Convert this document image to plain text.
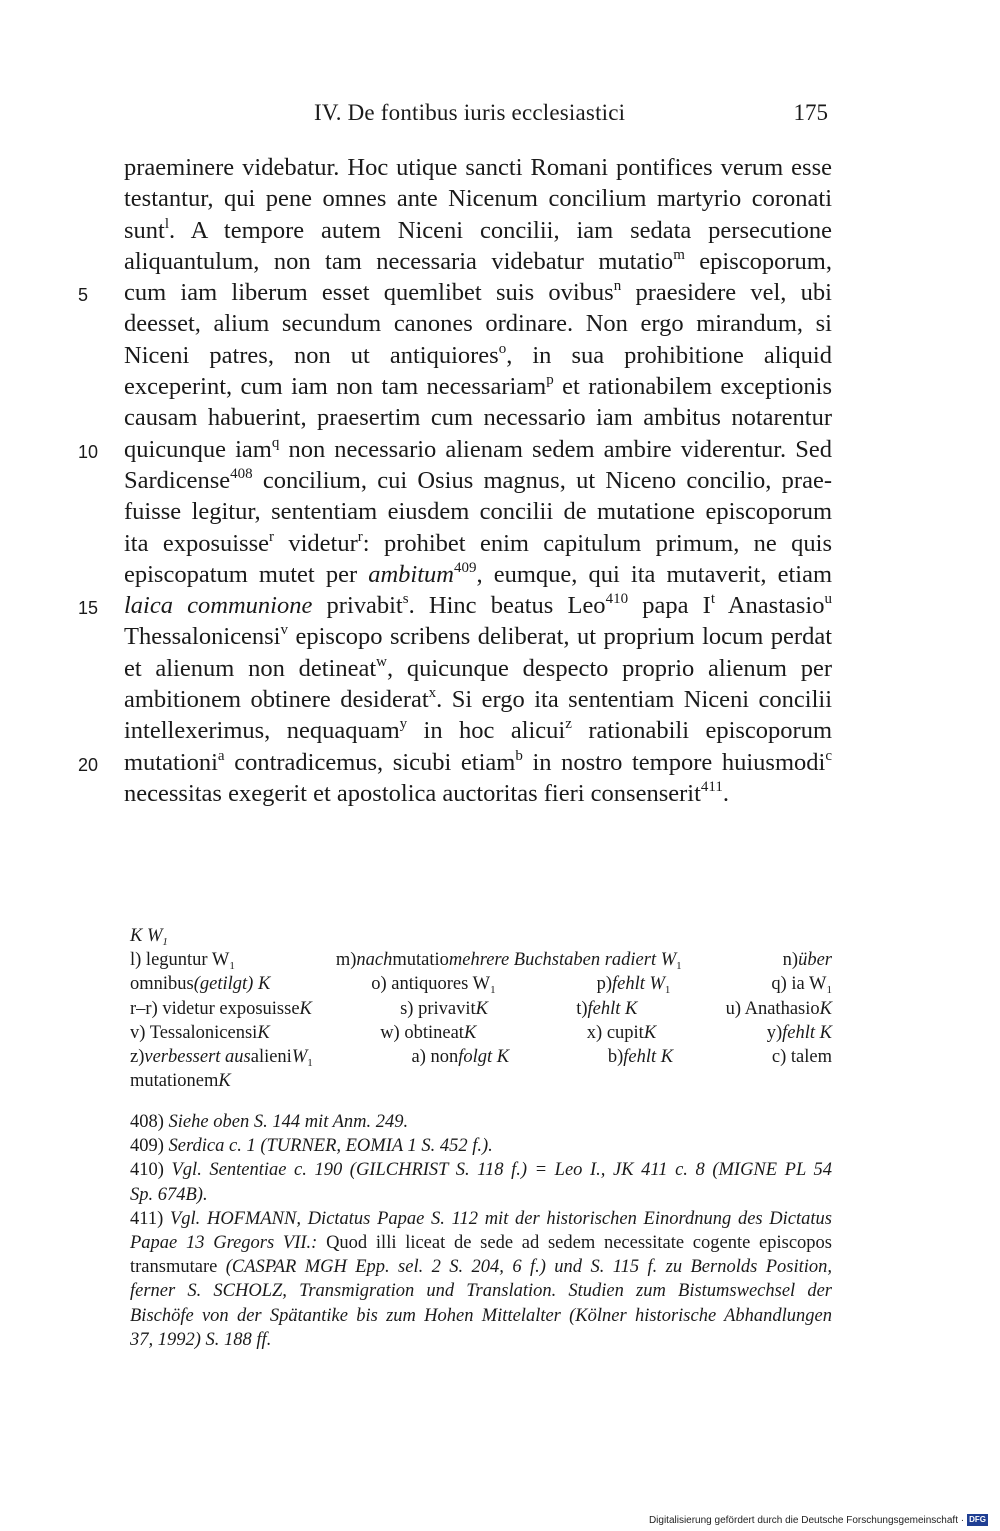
IV. De fontibus iuris ecclesiastici	175
praeminere videbatur. Hoc utique sancti Romani pontifices verum esse
testantur, qui pene omnes ante Nicenum concilium martyrio coronati
sunt$^l$. A tempore autem Niceni concilii, iam sedata persecutione
aliquantulum, non tam necessaria videbatur mutatio$^m$ episcoporum,
5 cum iam liberum esset quemlibet suis ovibus$^n$ praesidere vel, ubi
deesset, alium secundum canones ordinare. Non ergo mirandum, si
Niceni patres, non ut antiquiores$^o$, in sua prohibitione aliquid
exceperint, cum iam non tam necessariam$^p$ et rationabilem exceptionis
causam habuerint, praesertim cum necessario iam ambitus notarentur
10 quicunque iam$^q$ non necessario alienam sedem ambire viderentur. Sed
Sardicense$^{408}$ concilium, cui Osius magnus, ut Niceno concilio, prae-
fuisse legitur, sententiam eiusdem concilii de mutatione episcoporum
ita exposuisse$^r$ videtur$^r$: prohibet enim capitulum primum, ne quis
episcopatum mutet per ambitum$^{409}$, eumque, qui ita mutaverit, etiam
15 laica communione privabit$^s$. Hinc beatus Leo$^{410}$ papa $I^t$ Anastasio$^u$
Thessalonicensi$^v$ episcopo scribens deliberat, ut proprium locum perdat
et alienum non detineat$^w$, quicunque despecto proprio alienum per
ambitionem obtinere desiderat$^x$. Si ergo ita sententiam Niceni concilii
intellexerimus, nequaquam$^y$ in hoc alicui$^z$ rationabili episcoporum
20 mutationi$^a$ contradicemus, sicubi etiam$^b$ in nostro tempore huiusmodi$^c$
necessitas exegerit et apostolica auctoritas fieri consenserit$^{411}$.
K $W_1$
l) leguntur $W_1$	m)nachmutatiomehrere Buchstaben radiert $W_1$	n)über
omnibus(getilgt) K	o) antiquores $W_1$	p)fehlt $W_1$	q) ia $W_1$
r–r) videtur exposuisseK	s) privavitK	t)fehlt K	u) AnathasioK
v) TessalonicensiK	w) obtineatK	x) cupitK	y)fehlt K
z)verbessert ausalieniW$_1$	a) nonfolgt K	b)fehlt K	c) talem
mutationemK
408) Siehe oben S. 144 mit Anm. 249.
409) Serdica c. 1 (TURNER, EOMIA 1 S. 452 f.).
410) Vgl. Sententiae c. 190 (GILCHRIST S. 118 f.) = Leo I., JK 411 c. 8 (MIGNE PL 54
Sp. 674B).
411) Vgl. HOFMANN, Dictatus Papae S. 112 mit der historischen Einordnung des Dictatus
Papae 13 Gregors VII.: Quod illi liceat de sede ad sedem necessitate cogente episcopos
transmutare (CASPAR MGH Epp. sel. 2 S. 204, 6 f.) und S. 115 f. zu Bernolds Position,
ferner S. SCHOLZ, Transmigration und Translation. Studien zum Bistumswechsel der
Bischöfe von der Spätantike bis zum Hohen Mittelalter (Kölner historische Abhandlungen
37, 1992) S. 188 ff.
Digitalisierung gefördert durch die Deutsche Forschungsgemeinschaft · DFG
